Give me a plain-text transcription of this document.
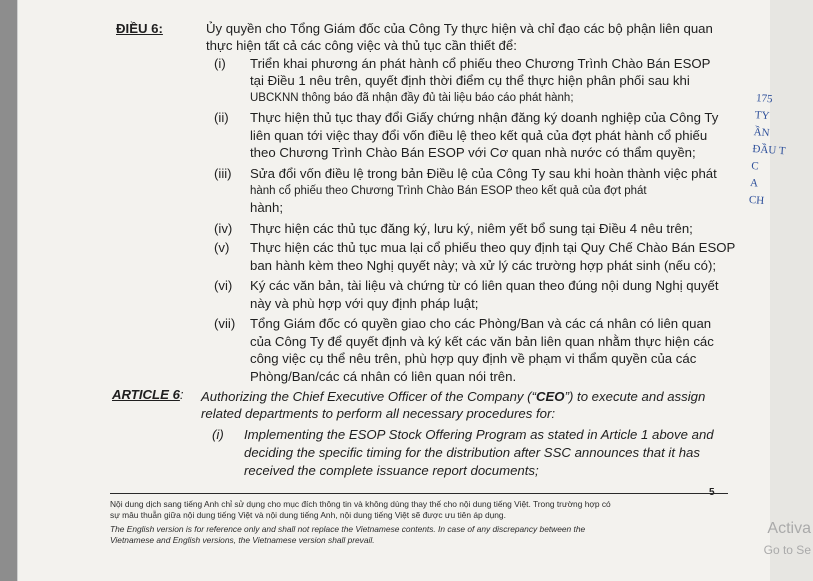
175
TY
ẦN
ĐẦU T
C
A
CH
ĐIỀU 6:	Ủy quyền cho Tổng Giám đốc của Công Ty thực hiện và chỉ đạo các bộ phận liên quan
thực hiện tất cả các công việc và thủ tục cần thiết để:
(i) Triển khai phương án phát hành cổ phiếu theo Chương Trình Chào Bán ESOP
tại Điều 1 nêu trên, quyết định thời điểm cụ thể thực hiện phân phối sau khi
UBCKNN thông báo đã nhận đầy đủ tài liệu báo cáo phát hành;
(ii) Thực hiện thủ tục thay đổi Giấy chứng nhận đăng ký doanh nghiệp của Công Ty
liên quan tới việc thay đổi vốn điều lệ theo kết quả của đợt phát hành cổ phiếu
theo Chương Trình Chào Bán ESOP với Cơ quan nhà nước có thẩm quyền;
(iii) Sửa đổi vốn điều lệ trong bản Điều lệ của Công Ty sau khi hoàn thành việc phát
hành cổ phiếu theo Chương Trình Chào Bán ESOP theo kết quả của đợt phát
hành;
(iv) Thực hiện các thủ tục đăng ký, lưu ký, niêm yết bổ sung tại Điều 4 nêu trên;
(v) Thực hiện các thủ tục mua lại cổ phiếu theo quy định tại Quy Chế Chào Bán ESOP
ban hành kèm theo Nghị quyết này; và xử lý các trường hợp phát sinh (nếu có);
(vi) Ký các văn bản, tài liệu và chứng từ có liên quan theo đúng nội dung Nghị quyết
này và phù hợp với quy định pháp luật;
(vii) Tổng Giám đốc có quyền giao cho các Phòng/Ban và các cá nhân có liên quan
của Công Ty để quyết định và ký kết các văn bản liên quan nhằm thực hiện các
công việc cụ thể nêu trên, phù hợp quy định về phạm vi thẩm quyền của các
Phòng/Ban/các cá nhân có liên quan nói trên.
ARTICLE 6: Authorizing the Chief Executive Officer of the Company (“CEO”) to execute and assign
related departments to perform all necessary procedures for:
(i) Implementing the ESOP Stock Offering Program as stated in Article 1 above and
deciding the specific timing for the distribution after SSC announces that it has
received the complete issuance report documents;
Nội dung dịch sang tiếng Anh chỉ sử dụng cho mục đích thông tin và không dùng thay thế cho nội dung tiếng Việt. Trong trường hợp có
sự mâu thuẫn giữa nội dung tiếng Việt và nội dung tiếng Anh, nội dung tiếng Việt sẽ được ưu tiên áp dụng.
The English version is for reference only and shall not replace the Vietnamese contents. In case of any discrepancy between the
Vietnamese and English versions, the Vietnamese version shall prevail.
Activa
Go to Se
